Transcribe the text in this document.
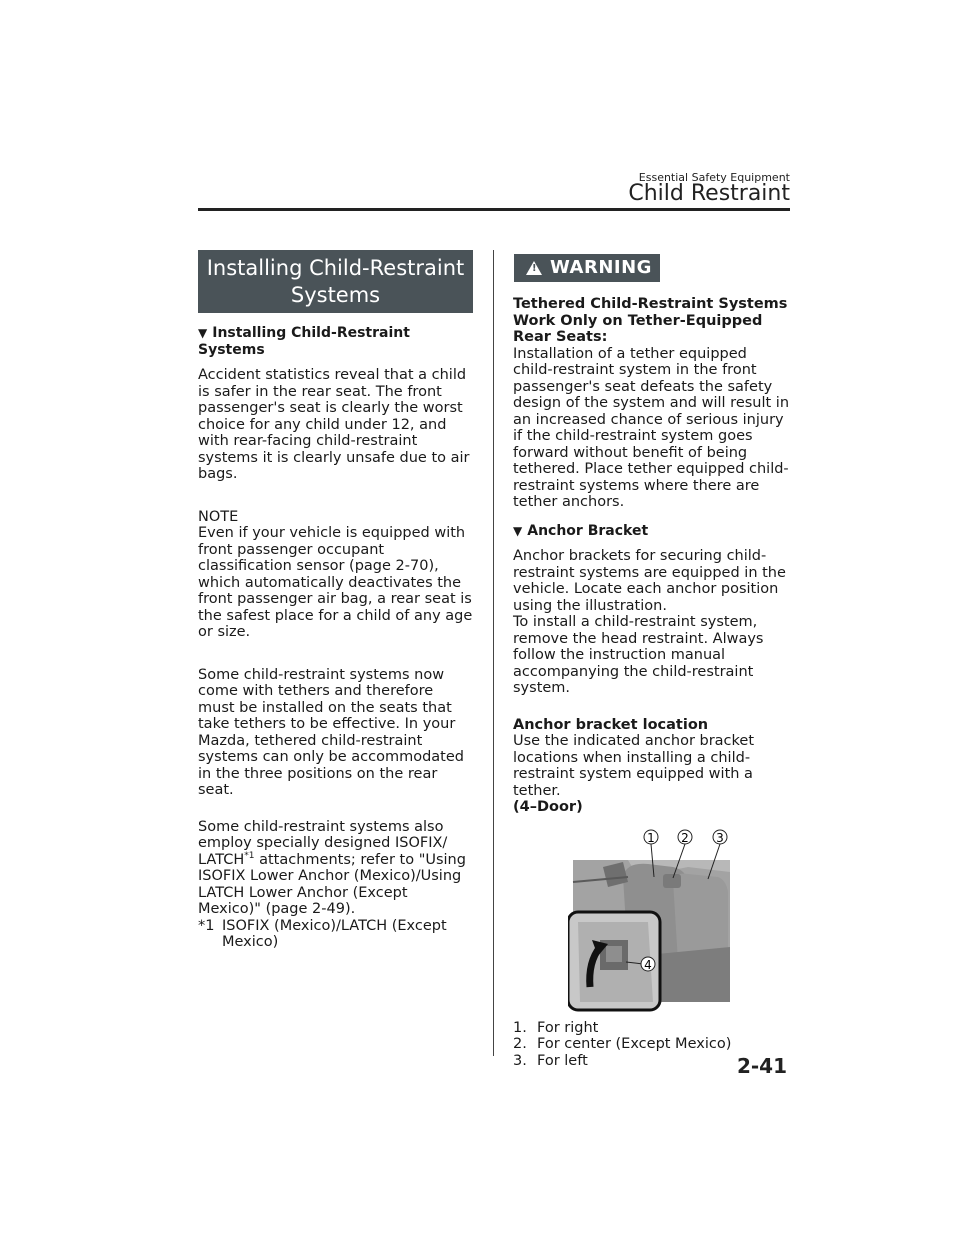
Essential Safety Equipment
Child Restraint
Installing Child-Restraint Systems
▼ Installing Child-Restraint Systems

Accident statistics reveal that a child is safer in the rear seat. The front passenger's seat is clearly the worst choice for any child under 12, and with rear-facing child-restraint systems it is clearly unsafe due to air bags.

NOTE

Even if your vehicle is equipped with front passenger occupant classification sensor (page 2-70), which automatically deactivates the front passenger air bag, a rear seat is the safest place for a child of any age or size.

Some child-restraint systems now come with tethers and therefore must be installed on the seats that take tethers to be effective. In your Mazda, tethered child-restraint systems can only be accommodated in the three positions on the rear seat.

Some child-restraint systems also employ specially designed ISOFIX/ LATCH$^{*1}$ attachments; refer to "Using ISOFIX Lower Anchor (Mexico)/Using LATCH Lower Anchor (Except Mexico)" (page 2-49).

*1 ISOFIX (Mexico)/LATCH (Except Mexico)
! WARNING
Tethered Child-Restraint Systems Work Only on Tether-Equipped Rear Seats:
Installation of a tether equipped child-restraint system in the front passenger's seat defeats the safety design of the system and will result in an increased chance of serious injury if the child-restraint system goes forward without benefit of being tethered. Place tether equipped child-restraint systems where there are tether anchors.
▼ Anchor Bracket

Anchor brackets for securing child-restraint systems are equipped in the vehicle. Locate each anchor position using the illustration.

To install a child-restraint system, remove the head restraint. Always follow the instruction manual accompanying the child-restraint system.

Anchor bracket location
Use the indicated anchor bracket locations when installing a child-restraint system equipped with a tether.
(4–Door)
1 2 3
4
1. For right
2. For center (Except Mexico)
3. For left	2-41
